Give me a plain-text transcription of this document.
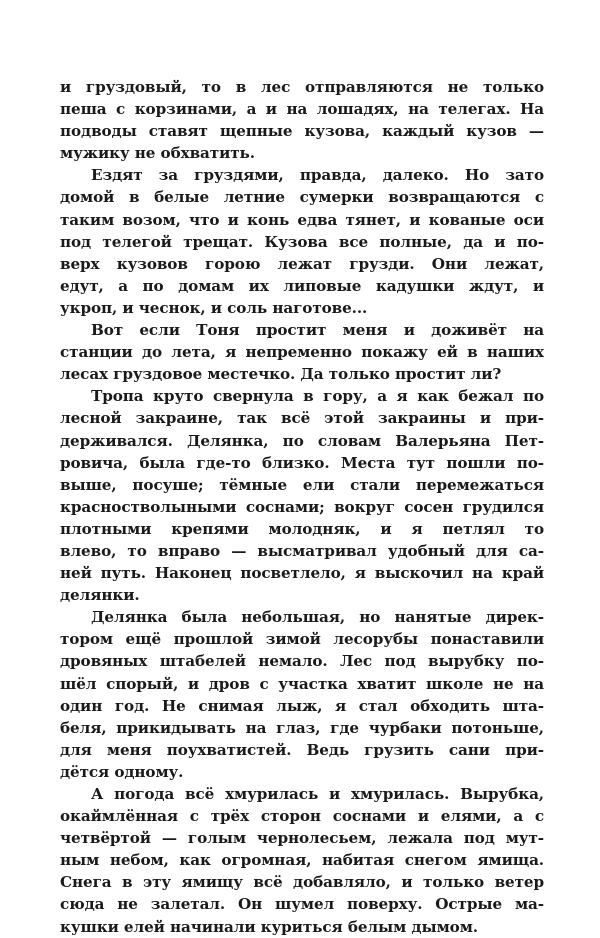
и груздовый, то в лес отправляются не только
пеша с корзинами, а и на лошадях, на телегах. На
подводы ставят щепные кузова, каждый кузов —
мужику не обхватить.
Ездят за груздями, правда, далеко. Но зато
домой в белые летние сумерки возвращаются с
таким возом, что и конь едва тянет, и кованые оси
под телегой трещат. Кузова все полные, да и по-
верх кузовов горою лежат грузди. Они лежат,
едут, а по домам их липовые кадушки ждут, и
укроп, и чеснок, и соль наготове...
Вот если Тоня простит меня и доживёт на
станции до лета, я непременно покажу ей в наших
лесах груздовое местечко. Да только простит ли?
Тропа круто свернула в гору, а я как бежал по
лесной закраине, так всё этой закраины и при-
держивался. Делянка, по словам Валерьяна Пет-
ровича, была где-то близко. Места тут пошли по-
выше, посуше; тёмные ели стали перемежаться
красностволыными соснами; вокруг сосен грудился
плотными крепями молодняк, и я петлял то
влево, то вправо — высматривал удобный для са-
ней путь. Наконец посветлело, я выскочил на край
делянки.
Делянка была небольшая, но нанятые дирек-
тором ещё прошлой зимой лесорубы понаставили
дровяных штабелей немало. Лес под вырубку по-
шёл спорый, и дров с участка хватит школе не на
один год. Не снимая лыж, я стал обходить шта-
беля, прикидывать на глаз, где чурбаки потоньше,
для меня поухватистей. Ведь грузить сани при-
дётся одному.
А погода всё хмурилась и хмурилась. Вырубка,
окаймлённая с трёх сторон соснами и елями, а с
четвёртой — голым чернолесьем, лежала под мут-
ным небом, как огромная, набитая снегом ямища.
Снега в эту ямищу всё добавляло, и только ветер
сюда не залетал. Он шумел поверху. Острые ма-
кушки елей начинали куриться белым дымом.
